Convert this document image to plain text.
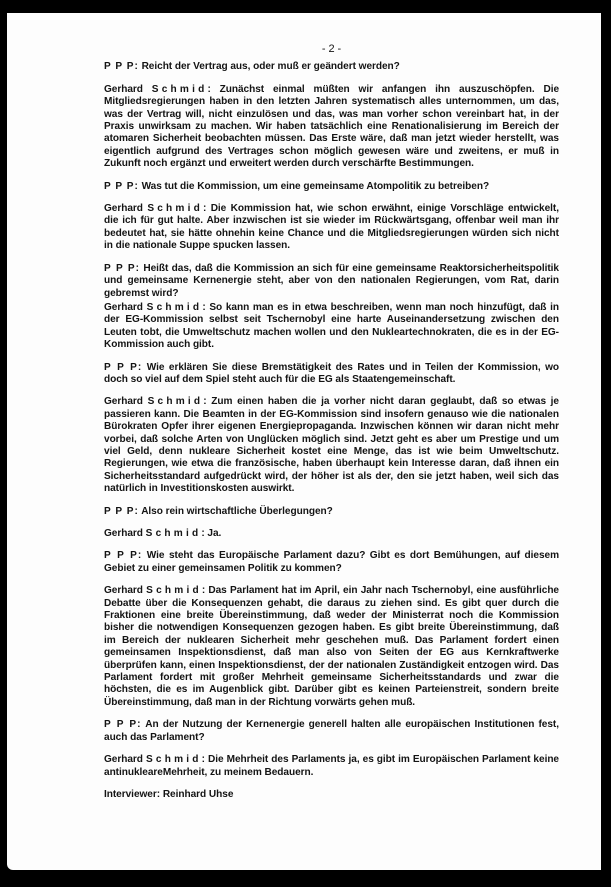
- 2 -

P P P: Reicht der Vertrag aus, oder muß er geändert werden?

Gerhard Schmid: Zunächst einmal müßten wir anfangen ihn auszuschöpfen. Die Mitgliedsregierungen haben in den letzten Jahren systematisch alles unternommen, um das, was der Vertrag will, nicht einzulösen und das, was man vorher schon vereinbart hat, in der Praxis unwirksam zu machen. Wir haben tatsächlich eine Renationalisierung im Bereich der atomaren Sicherheit beobachten müssen. Das Erste wäre, daß man jetzt wieder herstellt, was eigentlich aufgrund des Vertrages schon möglich gewesen wäre und zweitens, er muß in Zukunft noch ergänzt und erweitert werden durch verschärfte Bestimmungen.

P P P: Was tut die Kommission, um eine gemeinsame Atompolitik zu betreiben?

Gerhard Schmid: Die Kommission hat, wie schon erwähnt, einige Vorschläge entwickelt, die ich für gut halte. Aber inzwischen ist sie wieder im Rückwärtsgang, offenbar weil man ihr bedeutet hat, sie hätte ohnehin keine Chance und die Mitgliedsregierungen würden sich nicht in die nationale Suppe spucken lassen.

P P P: Heißt das, daß die Kommission an sich für eine gemeinsame Reaktorsicherheitspolitik und gemeinsame Kernenergie steht, aber von den nationalen Regierungen, vom Rat, darin gebremst wird?

Gerhard Schmid: So kann man es in etwa beschreiben, wenn man noch hinzufügt, daß in der EG-Kommission selbst seit Tschernobyl eine harte Auseinandersetzung zwischen den Leuten tobt, die Umweltschutz machen wollen und den Nukleartechnokraten, die es in der EG-Kommission auch gibt.

P P P: Wie erklären Sie diese Bremstätigkeit des Rates und in Teilen der Kommission, wo doch so viel auf dem Spiel steht auch für die EG als Staatengemeinschaft.

Gerhard Schmid: Zum einen haben die ja vorher nicht daran geglaubt, daß so etwas je passieren kann. Die Beamten in der EG-Kommission sind insofern genauso wie die nationalen Bürokraten Opfer ihrer eigenen Energiepropaganda. Inzwischen können wir daran nicht mehr vorbei, daß solche Arten von Unglücken möglich sind. Jetzt geht es aber um Prestige und um viel Geld, denn nukleare Sicherheit kostet eine Menge, das ist wie beim Umweltschutz. Regierungen, wie etwa die französische, haben überhaupt kein Interesse daran, daß ihnen ein Sicherheitsstandard aufgedrückt wird, der höher ist als der, den sie jetzt haben, weil sich das natürlich in Investitionskosten auswirkt.

P P P: Also rein wirtschaftliche Überlegungen?

Gerhard Schmid: Ja.

P P P: Wie steht das Europäische Parlament dazu? Gibt es dort Bemühungen, auf diesem Gebiet zu einer gemeinsamen Politik zu kommen?

Gerhard Schmid: Das Parlament hat im April, ein Jahr nach Tschernobyl, eine ausführliche Debatte über die Konsequenzen gehabt, die daraus zu ziehen sind. Es gibt quer durch die Fraktionen eine breite Übereinstimmung, daß weder der Ministerrat noch die Kommission bisher die notwendigen Konsequenzen gezogen haben. Es gibt breite Übereinstimmung, daß im Bereich der nuklearen Sicherheit mehr geschehen muß. Das Parlament fordert einen gemeinsamen Inspektionsdienst, daß man also von Seiten der EG aus Kernkraftwerke überprüfen kann, einen Inspektionsdienst, der der nationalen Zuständigkeit entzogen wird. Das Parlament fordert mit großer Mehrheit gemeinsame Sicherheitsstandards und zwar die höchsten, die es im Augenblick gibt. Darüber gibt es keinen Parteienstreit, sondern breite Übereinstimmung, daß man in der Richtung vorwärts gehen muß.

P P P: An der Nutzung der Kernenergie generell halten alle europäischen Institutionen fest, auch das Parlament?

Gerhard Schmid: Die Mehrheit des Parlaments ja, es gibt im Europäischen Parlament keine antinukleareMehrheit, zu meinem Bedauern.

Interviewer: Reinhard Uhse
